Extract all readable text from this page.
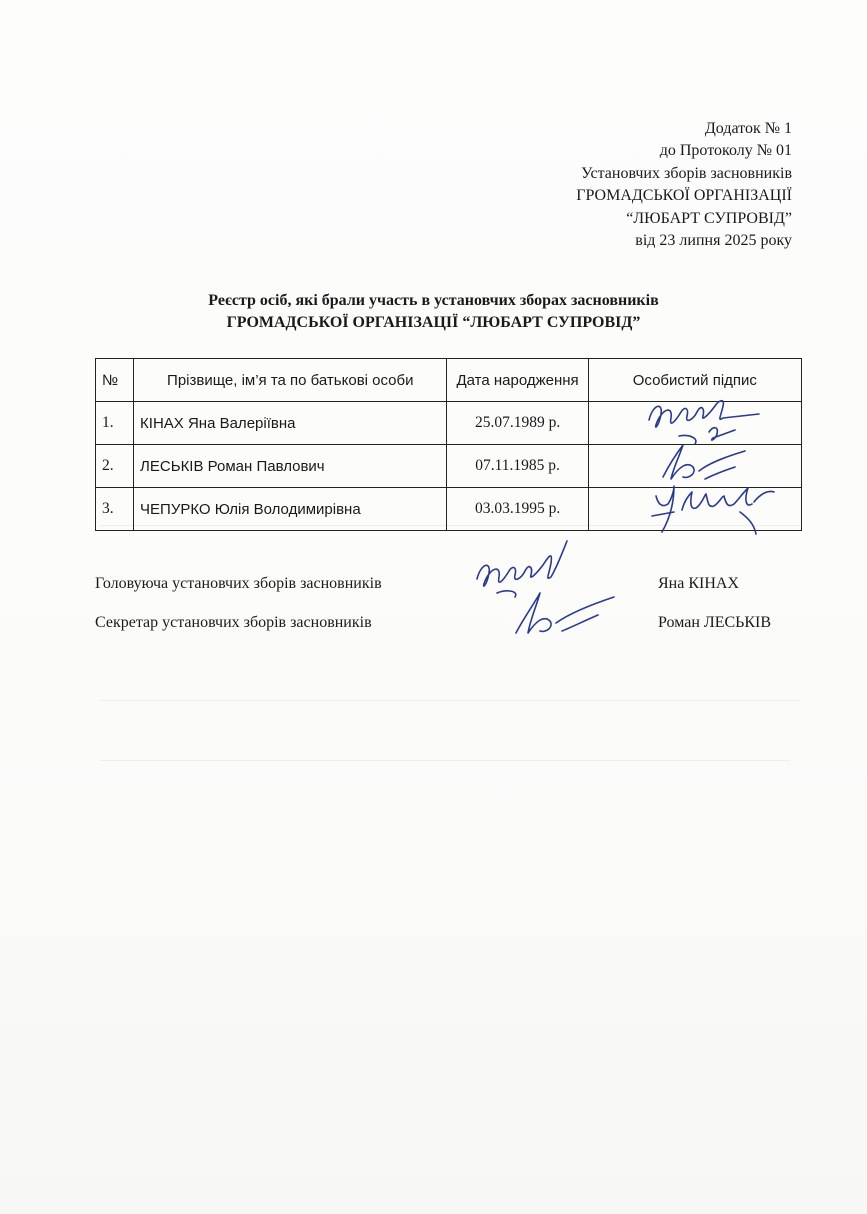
Додаток № 1
до Протоколу № 01
Установчих зборів засновників
ГРОМАДСЬКОЇ ОРГАНІЗАЦІЇ
“ЛЮБАРТ СУПРОВІД”
від 23 липня 2025 року
Реєстр осіб, які брали участь в установчих зборах засновників
ГРОМАДСЬКОЇ ОРГАНІЗАЦІЇ “ЛЮБАРТ СУПРОВІД”
№	Прізвище, ім’я та по батькові особи	Дата народження	Особистий підпис
1.	КІНАХ Яна Валеріївна	25.07.1989 р.	

2.	ЛЕСЬКІВ Роман Павлович	07.11.1985 р.	

3.	ЧЕПУРКО Юлія Володимирівна	03.03.1995 р.	
Головуюча установчих зборів засновників	Яна КІНАХ
Секретар установчих зборів засновників	Роман ЛЕСЬКІВ
